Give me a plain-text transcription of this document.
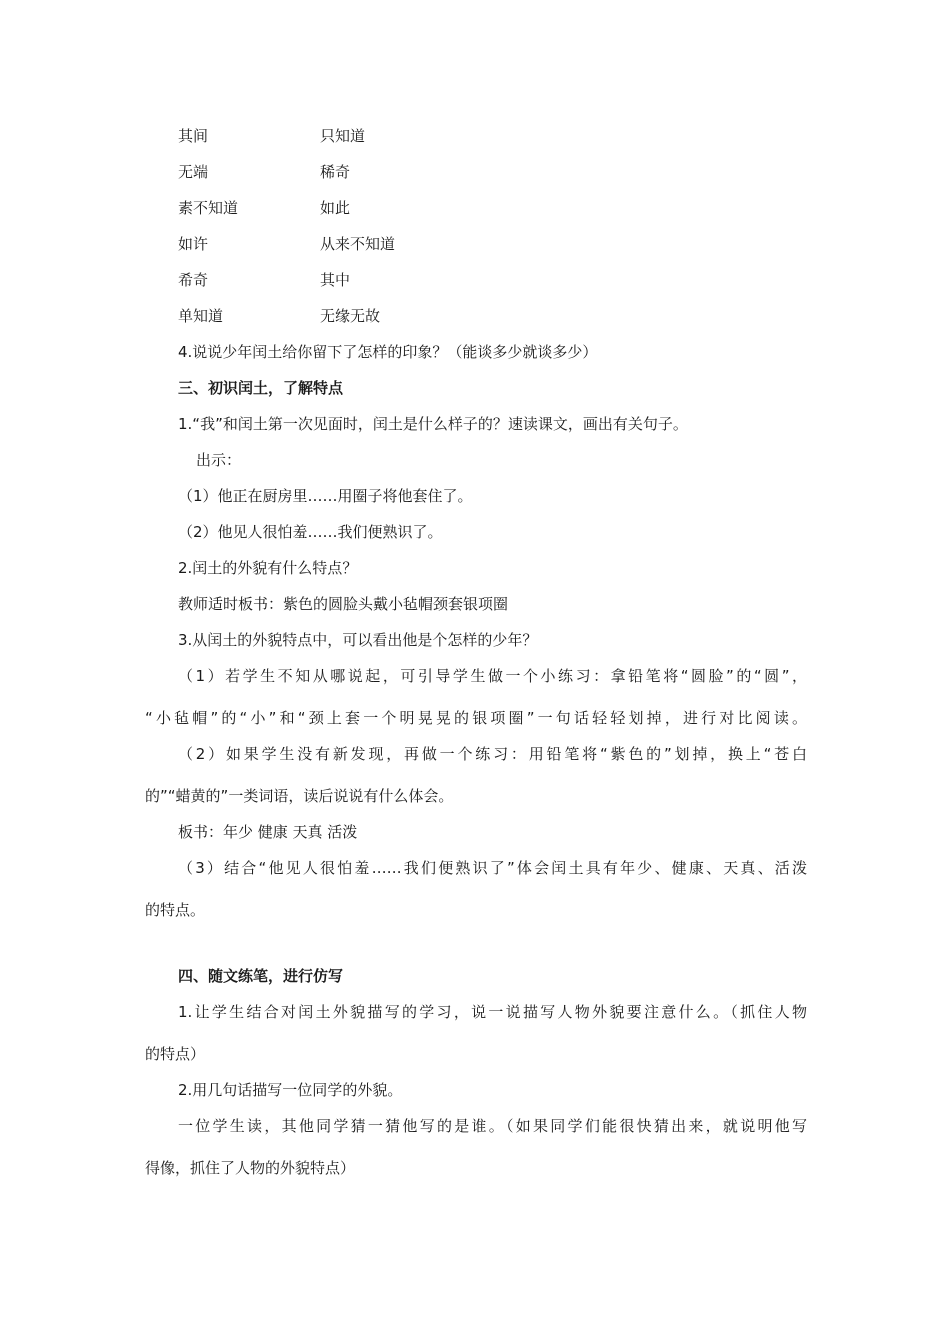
其间	只知道
无端	稀奇
素不知道	如此
如许	从来不知道
希奇	其中
单知道	无缘无故
4.说说少年闰土给你留下了怎样的印象？（能谈多少就谈多少）
三、初识闰土，了解特点
1.“我”和闰土第一次见面时，闰土是什么样子的？速读课文，画出有关句子。
出示：
（1）他正在厨房里……用圈子将他套住了。
（2）他见人很怕羞……我们便熟识了。
2.闰土的外貌有什么特点？
教师适时板书：紫色的圆脸头戴小毡帽颈套银项圈
3.从闰土的外貌特点中，可以看出他是个怎样的少年？
（1）若学生不知从哪说起，可引导学生做一个小练习：拿铅笔将“圆脸”的“圆”，
“小毡帽”的“小”和“颈上套一个明晃晃的银项圈”一句话轻轻划掉，进行对比阅读。
（2）如果学生没有新发现，再做一个练习：用铅笔将“紫色的”划掉，换上“苍白
的”“蜡黄的”一类词语，读后说说有什么体会。
板书：年少 健康 天真 活泼
（3）结合“他见人很怕羞……我们便熟识了”体会闰土具有年少、健康、天真、活泼
的特点。
四、随文练笔，进行仿写
1.让学生结合对闰土外貌描写的学习，说一说描写人物外貌要注意什么。（抓住人物
的特点）
2.用几句话描写一位同学的外貌。
一位学生读，其他同学猜一猜他写的是谁。（如果同学们能很快猜出来，就说明他写
得像，抓住了人物的外貌特点）
